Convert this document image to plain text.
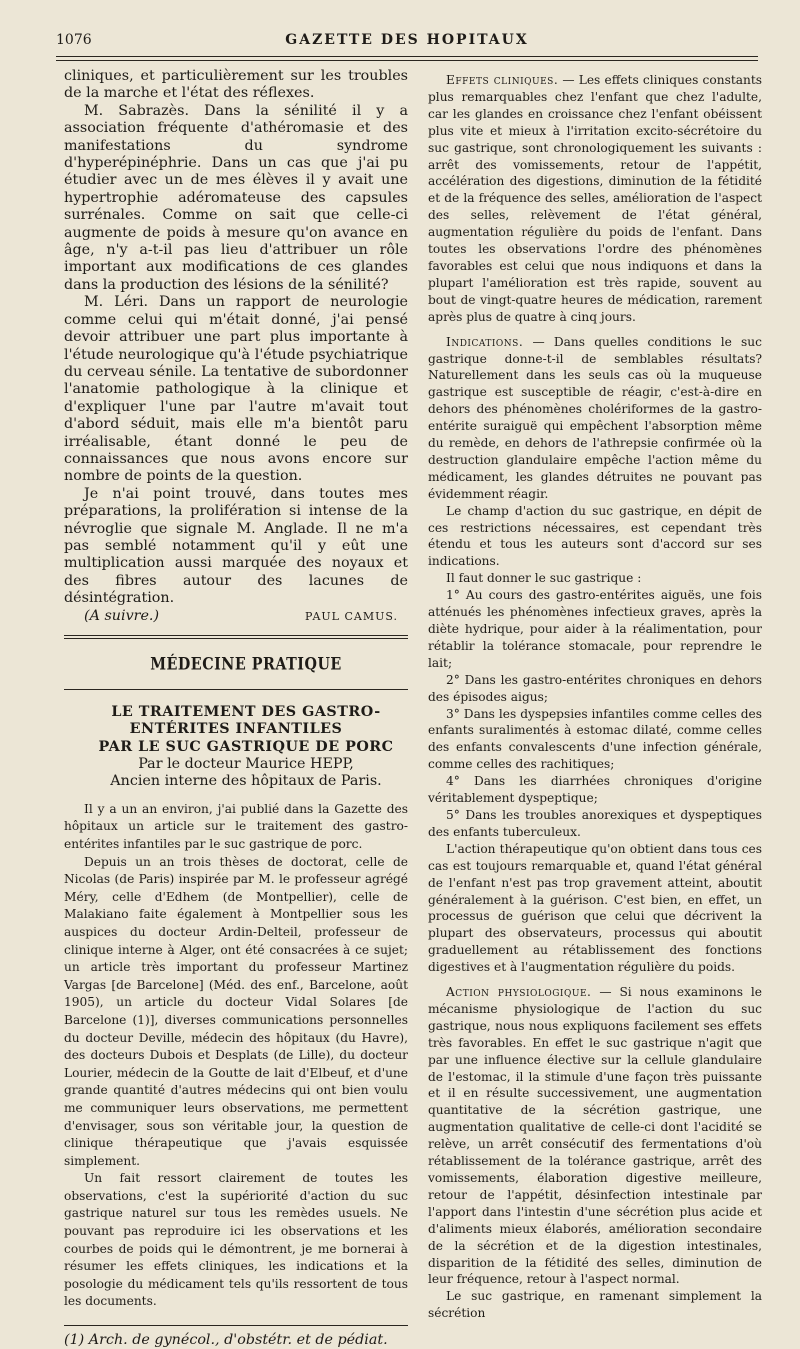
1076	GAZETTE DES HOPITAUX

cliniques, et particulièrement sur les troubles de la marche et l'état des réflexes.

M. Sabrazès. Dans la sénilité il y a association fréquente d'athéromasie et des manifestations du syndrome d'hyperépinéphrie. Dans un cas que j'ai pu étudier avec un de mes élèves il y avait une hypertrophie adéromateuse des capsules surrénales. Comme on sait que celle-ci augmente de poids à mesure qu'on avance en âge, n'y a-t-il pas lieu d'attribuer un rôle important aux modifications de ces glandes dans la production des lésions de la sénilité?

M. Léri. Dans un rapport de neurologie comme celui qui m'était donné, j'ai pensé devoir attribuer une part plus importante à l'étude neurologique qu'à l'étude psychiatrique du cerveau sénile. La tentative de subordonner l'anatomie pathologique à la clinique et d'expliquer l'une par l'autre m'avait tout d'abord séduit, mais elle m'a bientôt paru irréalisable, étant donné le peu de connaissances que nous avons encore sur nombre de points de la question.

Je n'ai point trouvé, dans toutes mes préparations, la prolifération si intense de la névroglie que signale M. Anglade. Il ne m'a pas semblé notamment qu'il y eût une multiplication aussi marquée des noyaux et des fibres autour des lacunes de désintégration.

(A suivre.)	PAUL CAMUS.

MÉDECINE PRATIQUE

LE TRAITEMENT DES GASTRO-ENTÉRITES INFANTILES

PAR LE SUC GASTRIQUE DE PORC

Par le docteur Maurice HEPP,

Ancien interne des hôpitaux de Paris.

Il y a un an environ, j'ai publié dans la Gazette des hôpitaux un article sur le traitement des gastro-entérites infantiles par le suc gastrique de porc.

Depuis un an trois thèses de doctorat, celle de Nicolas (de Paris) inspirée par M. le professeur agrégé Méry, celle d'Edhem (de Montpellier), celle de Malakiano faite également à Montpellier sous les auspices du docteur Ardin-Delteil, professeur de clinique interne à Alger, ont été consacrées à ce sujet; un article très important du professeur Martinez Vargas [de Barcelone] (Méd. des enf., Barcelone, août 1905), un article du docteur Vidal Solares [de Barcelone (1)], diverses communications personnelles du docteur Deville, médecin des hôpitaux (du Havre), des docteurs Dubois et Desplats (de Lille), du docteur Lourier, médecin de la Goutte de lait d'Elbeuf, et d'une grande quantité d'autres médecins qui ont bien voulu me communiquer leurs observations, me permettent d'envisager, sous son véritable jour, la question de clinique thérapeutique que j'avais esquissée simplement.

Un fait ressort clairement de toutes les observations, c'est la supériorité d'action du suc gastrique naturel sur tous les remèdes usuels. Ne pouvant pas reproduire ici les observations et les courbes de poids qui le démontrent, je me bornerai à résumer les effets cliniques, les indications et la posologie du médicament tels qu'ils ressortent de tous les documents.

(1) Arch. de gynécol., d'obstétr. et de pédiat.

Effets cliniques. — Les effets cliniques constants plus remarquables chez l'enfant que chez l'adulte, car les glandes en croissance chez l'enfant obéissent plus vite et mieux à l'irritation excito-sécrétoire du suc gastrique, sont chronologiquement les suivants : arrêt des vomissements, retour de l'appétit, accélération des digestions, diminution de la fétidité et de la fréquence des selles, amélioration de l'aspect des selles, relèvement de l'état général, augmentation régulière du poids de l'enfant. Dans toutes les observations l'ordre des phénomènes favorables est celui que nous indiquons et dans la plupart l'amélioration est très rapide, souvent au bout de vingt-quatre heures de médication, rarement après plus de quatre à cinq jours.

Indications. — Dans quelles conditions le suc gastrique donne-t-il de semblables résultats? Naturellement dans les seuls cas où la muqueuse gastrique est susceptible de réagir, c'est-à-dire en dehors des phénomènes cholériformes de la gastro-entérite suraiguë qui empêchent l'absorption même du remède, en dehors de l'athrepsie confirmée où la destruction glandulaire empêche l'action même du médicament, les glandes détruites ne pouvant pas évidemment réagir.

Le champ d'action du suc gastrique, en dépit de ces restrictions nécessaires, est cependant très étendu et tous les auteurs sont d'accord sur ses indications.

Il faut donner le suc gastrique :

1° Au cours des gastro-entérites aiguës, une fois atténués les phénomènes infectieux graves, après la diète hydrique, pour aider à la réalimentation, pour rétablir la tolérance stomacale, pour reprendre le lait;

2° Dans les gastro-entérites chroniques en dehors des épisodes aigus;

3° Dans les dyspepsies infantiles comme celles des enfants suralimentés à estomac dilaté, comme celles des enfants convalescents d'une infection générale, comme celles des rachitiques;

4° Dans les diarrhées chroniques d'origine véritablement dyspeptique;

5° Dans les troubles anorexiques et dyspeptiques des enfants tuberculeux.

L'action thérapeutique qu'on obtient dans tous ces cas est toujours remarquable et, quand l'état général de l'enfant n'est pas trop gravement atteint, aboutit généralement à la guérison. C'est bien, en effet, un processus de guérison que celui que décrivent la plupart des observateurs, processus qui aboutit graduellement au rétablissement des fonctions digestives et à l'augmentation régulière du poids.

Action physiologique. — Si nous examinons le mécanisme physiologique de l'action du suc gastrique, nous nous expliquons facilement ses effets très favorables. En effet le suc gastrique n'agit que par une influence élective sur la cellule glandulaire de l'estomac, il la stimule d'une façon très puissante et il en résulte successivement, une augmentation quantitative de la sécrétion gastrique, une augmentation qualitative de celle-ci dont l'acidité se relève, un arrêt consécutif des fermentations d'où rétablissement de la tolérance gastrique, arrêt des vomissements, élaboration digestive meilleure, retour de l'appétit, désinfection intestinale par l'apport dans l'intestin d'une sécrétion plus acide et d'aliments mieux élaborés, amélioration secondaire de la sécrétion et de la digestion intestinales, disparition de la fétidité des selles, diminution de leur fréquence, retour à l'aspect normal.

Le suc gastrique, en ramenant simplement la sécrétion
